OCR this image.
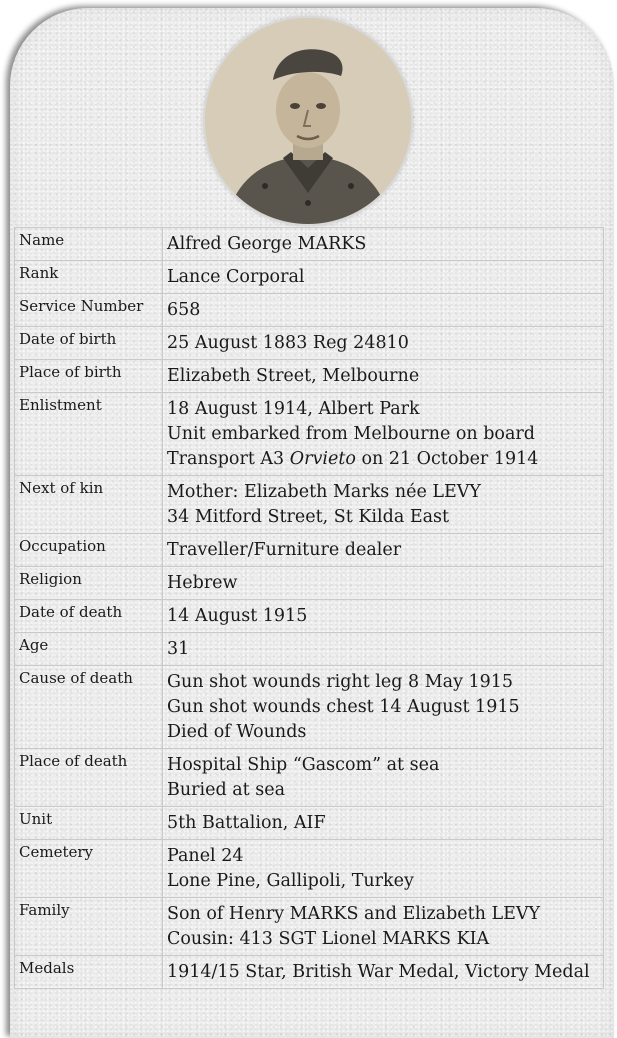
Name	Alfred George MARKS

Rank	Lance Corporal

Service Number	658

Date of birth	25 August 1883 Reg 24810

Place of birth	Elizabeth Street, Melbourne

Enlistment	18 August 1914, Albert Park
Unit embarked from Melbourne on board
Transport A3 Orvieto on 21 October 1914

Next of kin	Mother: Elizabeth Marks née LEVY
34 Mitford Street, St Kilda East

Occupation	Traveller/Furniture dealer

Religion	Hebrew

Date of death	14 August 1915

Age	31

Cause of death	Gun shot wounds right leg 8 May 1915
Gun shot wounds chest 14 August 1915
Died of Wounds

Place of death	Hospital Ship “Gascom” at sea
Buried at sea

Unit	5th Battalion, AIF

Cemetery	Panel 24
Lone Pine, Gallipoli, Turkey

Family	Son of Henry MARKS and Elizabeth LEVY
Cousin: 413 SGT Lionel MARKS KIA

Medals	1914/15 Star, British War Medal, Victory Medal
